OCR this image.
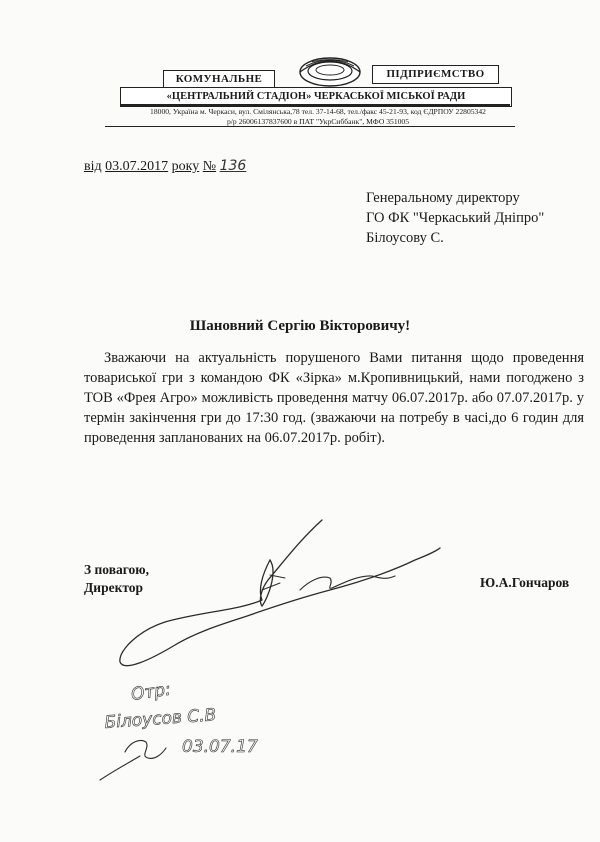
КОМУНАЛЬНЕ	ПІДПРИЄМСТВО
«ЦЕНТРАЛЬНИЙ СТАДІОН» ЧЕРКАСЬКОЇ МІСЬКОЇ РАДИ
18000, Україна м. Черкаси, вул. Смілянська,78 тел. 37-14-68, тел./факс 45-21-93, код ЄДРПОУ 22805342
р/р 26006137837600 в ПАТ "УкрСиббанк", МФО 351005
від 03.07.2017 року № 136
Генеральному директору
ГО ФК "Черкаський Дніпро"
Білоусову С.
Шановний Сергію Вікторовичу!
Зважаючи на актуальність порушеного Вами питання щодо проведення товариської гри з командою ФК «Зірка» м.Кропивницький, нами погоджено з ТОВ «Фрея Агро» можливість проведення матчу 06.07.2017р. або 07.07.2017р. у термін закінчення гри до 17:30 год. (зважаючи на потребу в часі,до 6 годин для проведення запланованих на 06.07.2017р. робіт).
З повагою,
Директор	Ю.А.Гончаров
Отр:
Білоусов С.В
03.07.17
